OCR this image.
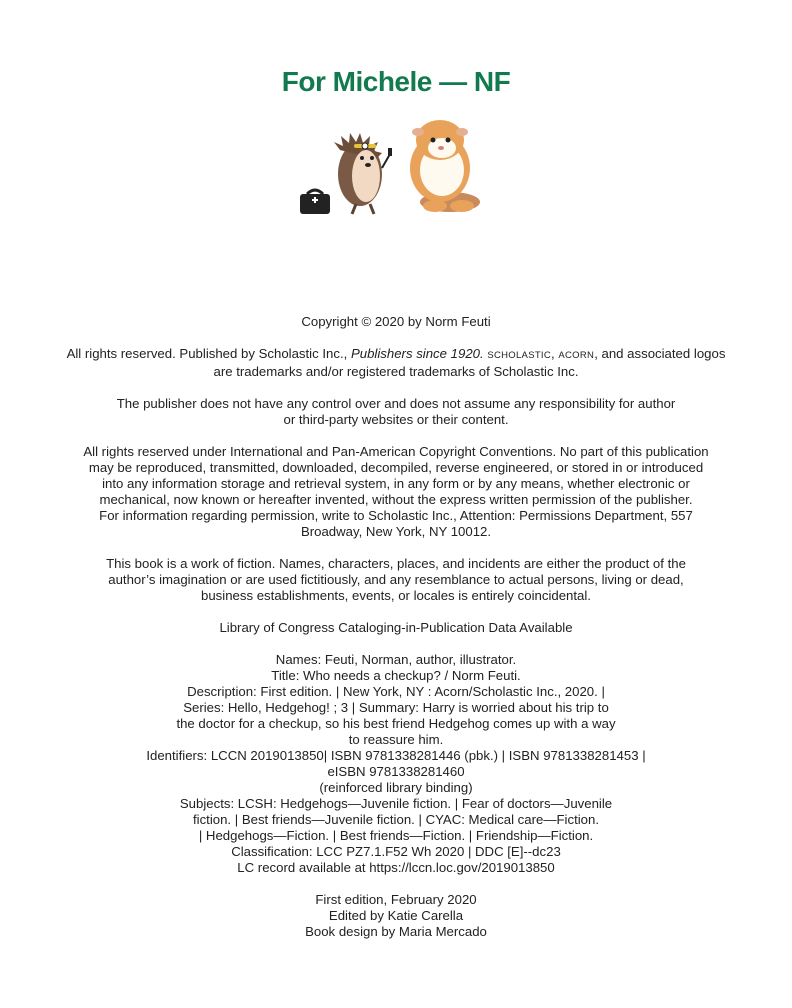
For Michele — NF

Copyright © 2020 by Norm Feuti

All rights reserved. Published by Scholastic Inc., Publishers since 1920. SCHOLASTIC, ACORN, and associated logos
are trademarks and/or registered trademarks of Scholastic Inc.

The publisher does not have any control over and does not assume any responsibility for author
or third-party websites or their content.

All rights reserved under International and Pan-American Copyright Conventions. No part of this publication
may be reproduced, transmitted, downloaded, decompiled, reverse engineered, or stored in or introduced
into any information storage and retrieval system, in any form or by any means, whether electronic or
mechanical, now known or hereafter invented, without the express written permission of the publisher.
For information regarding permission, write to Scholastic Inc., Attention: Permissions Department, 557
Broadway, New York, NY 10012.

This book is a work of fiction. Names, characters, places, and incidents are either the product of the
author’s imagination or are used fictitiously, and any resemblance to actual persons, living or dead,
business establishments, events, or locales is entirely coincidental.

Library of Congress Cataloging-in-Publication Data Available

Names: Feuti, Norman, author, illustrator.
Title: Who needs a checkup? / Norm Feuti.
Description: First edition. | New York, NY : Acorn/Scholastic Inc., 2020. |
Series: Hello, Hedgehog! ; 3 | Summary: Harry is worried about his trip to
the doctor for a checkup, so his best friend Hedgehog comes up with a way
to reassure him.
Identifiers: LCCN 2019013850| ISBN 9781338281446 (pbk.) | ISBN 9781338281453 |
eISBN 9781338281460
(reinforced library binding)
Subjects: LCSH: Hedgehogs—Juvenile fiction. | Fear of doctors—Juvenile
fiction. | Best friends—Juvenile fiction. | CYAC: Medical care—Fiction.
| Hedgehogs—Fiction. | Best friends—Fiction. | Friendship—Fiction.
Classification: LCC PZ7.1.F52 Wh 2020 | DDC [E]--dc23
LC record available at https://lccn.loc.gov/2019013850
First edition, February 2020
Edited by Katie Carella
Book design by Maria Mercado
